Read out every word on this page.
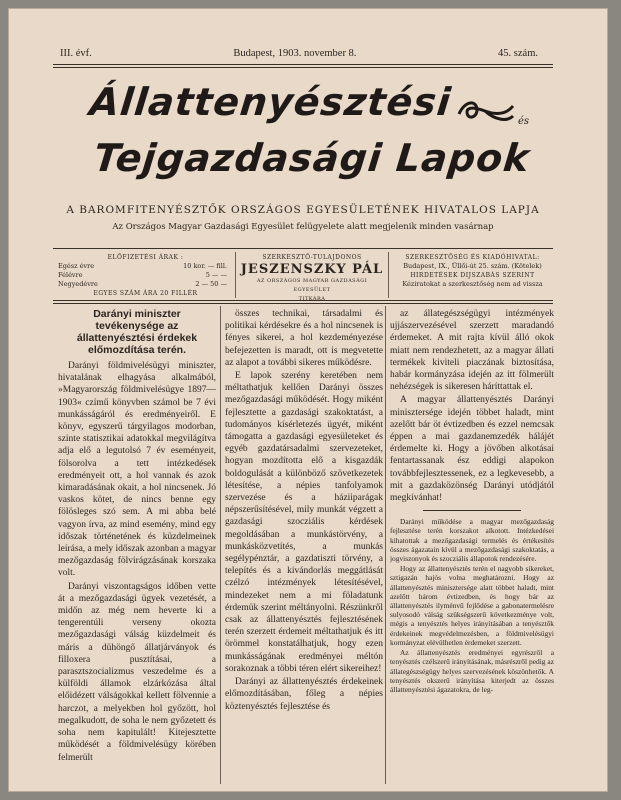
III. évf.	Budapest, 1903. november 8.	45. szám.
Állattenyésztési	és
Tejgazdasági Lapok
A BAROMFITENYÉSZTŐK ORSZÁGOS EGYESÜLETÉNEK HIVATALOS LAPJA
Az Országos Magyar Gazdasági Egyesület felügyelete alatt megjelenik minden vasárnap
ELŐFIZETÉSI ÁRAK :
Egész évre	10 kor. — fill.
Félévre	5 — —
Negyedévre	2 — 50 —
EGYES SZÁM ÁRA 20 FILLÉR
SZERKESZTŐ-TULAJDONOS
JESZENSZKY PÁL
AZ ORSZÁGOS MAGYAR GAZDASÁGI EGYESÜLET
TITKÁRA
SZERKESZTŐSÉG ÉS KIADÓHIVATAL:
Budapest, IX., Üllői-út 25. szám. (Kötelek)
HIRDETÉSEK DIJSZABÁS SZERINT
Kéziratokat a szerkesztőség nem ad vissza
Darányi miniszter tevékenysége az állattenyésztési érdekek előmozdítása terén.

Darányi földmivelésügyi miniszter, hivatalának elhagyása alkalmából, »Magyarország földmivelésügye 1897—1903« czímű könyvben számol be 7 évi munkásságáról és eredményeiről. E könyv, egyszerű tárgyilagos modorban, szinte statisztikai adatokkal megvilágítva adja elő a legutolsó 7 év eseményeit, fölsorolva a tett intézkedések eredményeit ott, a hol vannak és azok kimaradásának okait, a hol nincsenek. Jó vaskos kötet, de nincs benne egy fölösleges szó sem. A mi abba belé vagyon írva, az mind esemény, mind egy időszak történetének és küzdelmeinek leírása, a mely időszak azonban a magyar mezőgazdaság fölvirágzásának korszaka volt.

Darányi viszontagságos időben vette át a mezőgazdasági ügyek vezetését, a midőn az még nem heverte ki a tengerentúli verseny okozta mezőgazdasági válság küzdelmeit és máris a dühöngő állatjárványok és filloxera pusztításai, a parasztszocializmus veszedelme és a külföldi államok elzárkózása által előidézett válságokkal kellett fölvennie a harczot, a melyekben hol győzött, hol megalkudott, de soha le nem győzetett és soha nem kapitulált! Kitejesztette működését a földmivelésügy körében felmerült

összes technikai, társadalmi és politikai kérdésekre és a hol nincsenek is fényes sikerei, a hol kezdeményezése befejezetten is maradt, ott is megvetette az alapot a további sikeres működésre.

E lapok szerény keretében nem méltathatjuk kellően Darányi összes mezőgazdasági működését. Hogy miként fejlesztette a gazdasági szakoktatást, a tudományos kísérletezés ügyét, miként támogatta a gazdasági egyesületeket és egyéb gazdatársadalmi szervezeteket, hogyan mozdította elő a kisgazdák boldogulását a különböző szövetkezetek létesítése, a népies tanfolyamok szervezése és a háziiparágak népszerűsítésével, mily munkát végzett a gazdasági szocziális kérdések megoldásában a munkástörvény, a munkásközvetítés, a munkás segélypénztár, a gazdatiszti törvény, a telepítés és a kivándorlás meggátlását czélzó intézmények létesítésével, mindezeket nem a mi föladatunk érdemük szerint méltányolni. Részünkről csak az állattenyésztés fejlesztésének terén szerzett érdemeit méltathatjuk és itt örömmel konstatálhatjuk, hogy ezen munkásságának eredményei méltón sorakoznak a többi téren elért sikereihez!

Darányi az állattenyésztés érdekeinek előmozdításában, főleg a népies köztenyésztés fejlesztése és

az állategészségügyi intézmények ujjászervezésével szerzett maradandó érdemeket. A mit rajta kívül álló okok miatt nem rendezhetett, az a magyar állati termékek kiviteli piaczának biztosítása, habár kormányzása idején az itt fölmerült nehézségek is sikeresen háríttattak el.

A magyar állattenyésztés Darányi minisztersége idején többet haladt, mint azelőtt bár öt évtizedben és ezzel nemcsak éppen a mai gazdanemzedék hálájét érdemelte ki. Hogy a jövőben alkotásai fentartassanak ész eddigi alapokon továbbfejlesztessenek, ez a legkevesebb, a mit a gazdaközönség Darányi utódjától megkívánhat!

Darányi működése a magyar mezőgazdaság fejlesztése terén korszakot alkotott. Intézkedései kihatottak a mezőgazdasági termelés és értékesítés összes ágazatain kívül a mezőgazdasági szakoktatás, a jogviszonyok és szocziális állapotok rendezésére.

Hogy az állattenyésztés terén el nagyobb sikereket, sztigazán hajós volna meghatározni. Hogy az állattenyésztés minisztersége alatt többet haladt, mint azelőtt három évtizedben, és hogy bár az állattenyésztés ilyménvű fejlődése a gabonatermelésre sulyosodó válság szükségszerű következménye volt, mégis a tenyésztés helyes irányításában a tenyésztők érdekeinek megvédelmezésben, a földmivelésügyi kormányzat elévülhetlen érdemeket szerzett.

Az állattenyésztés eredményei egyrészről a tenyésztés czélszerű irányításának, másrészről pedig az állategészségügy helyes szervezésének köszönhetők. A tenyésztés okszerű irányítása kiterjedt az összes állattenyésztési ágazatokra, de leg-
